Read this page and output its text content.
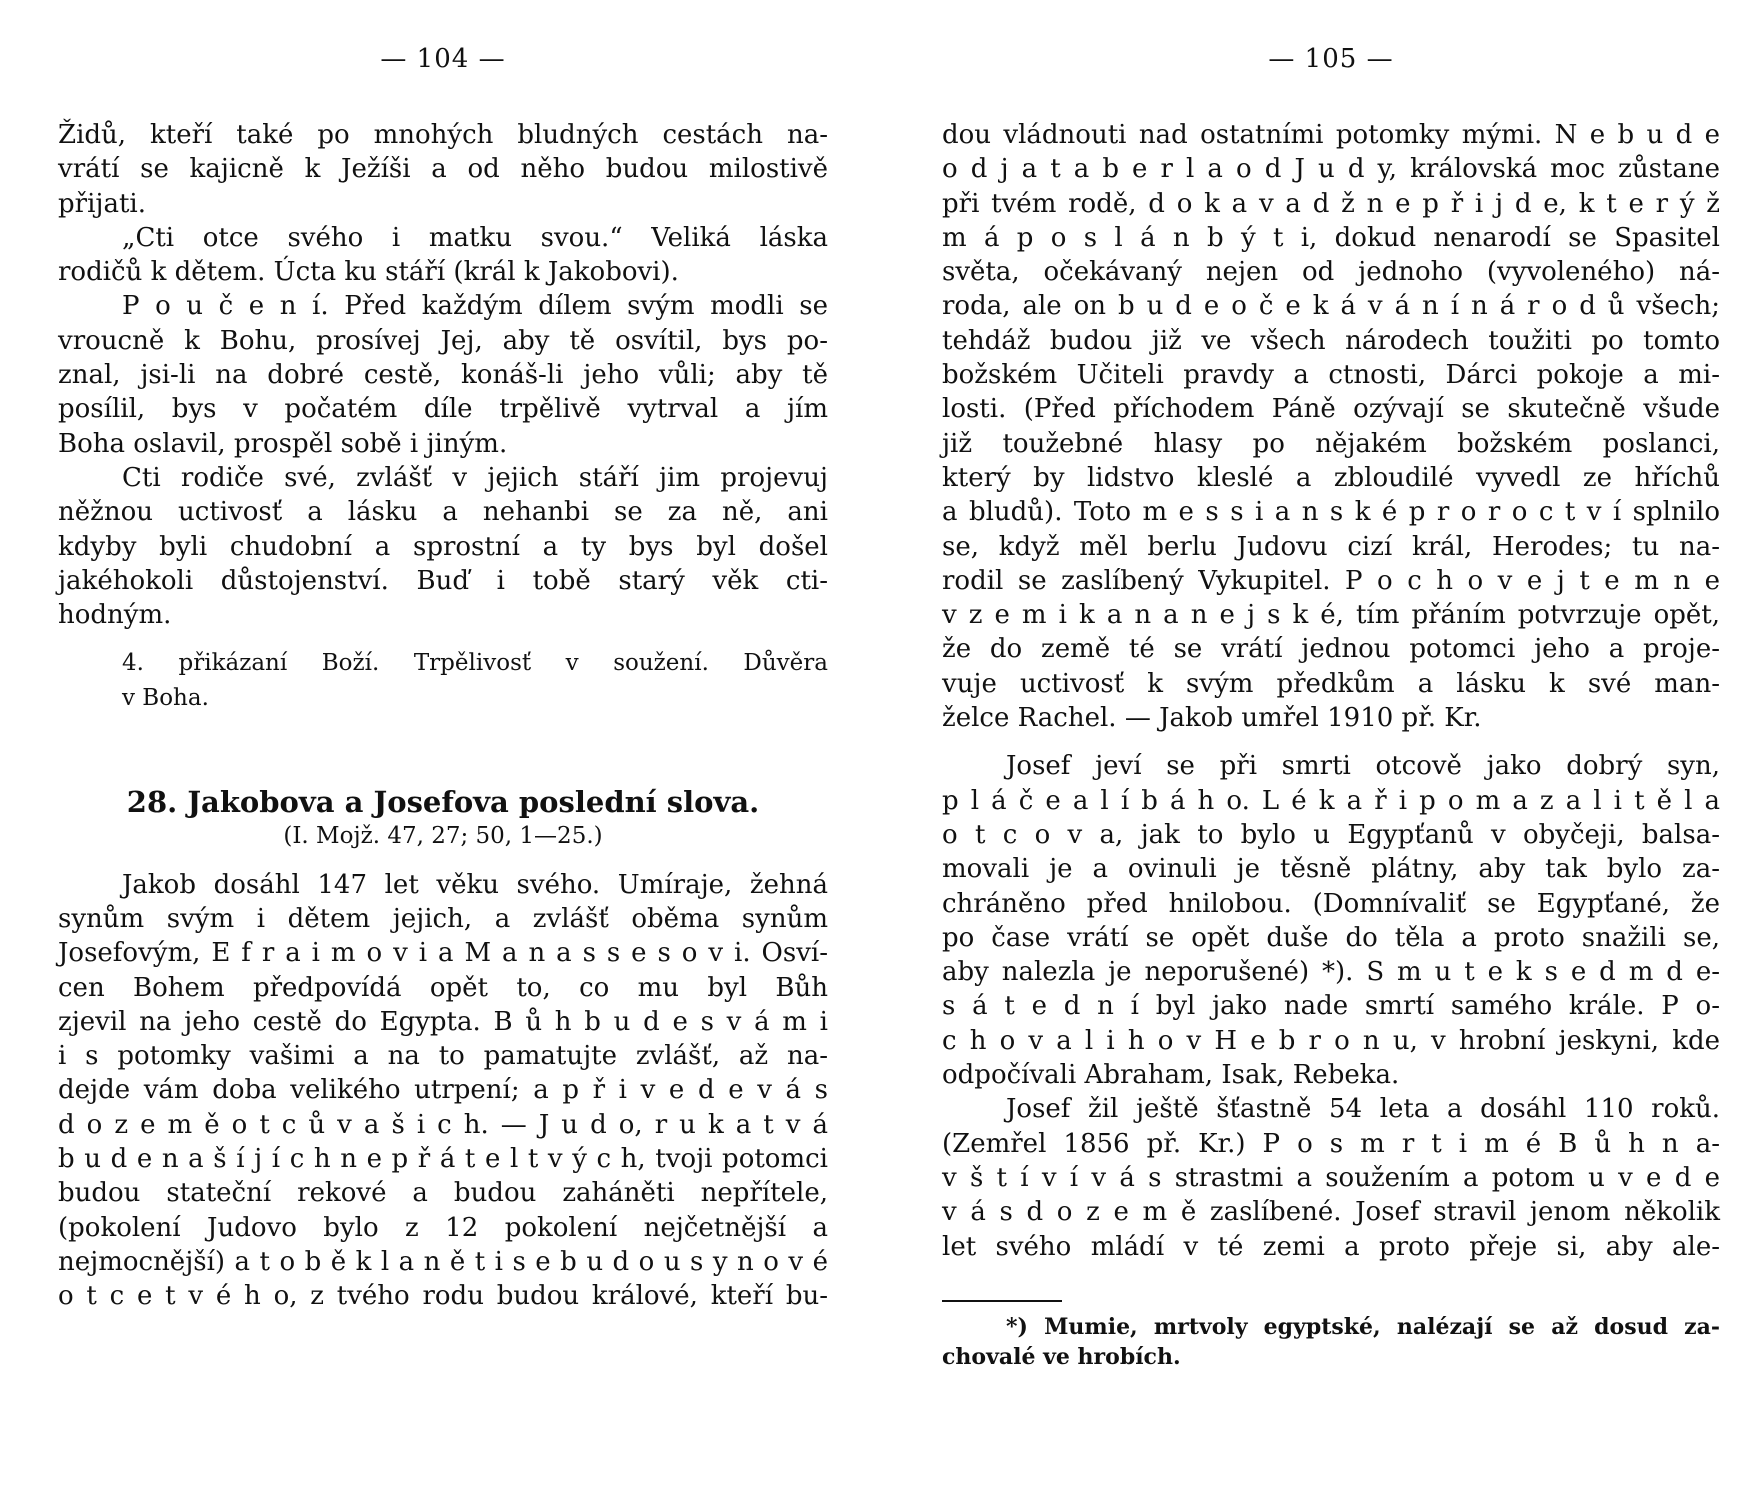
— 104 —
Židů, kteří také po mnohých bludných cestách na-
vrátí se kajicně k Ježíši a od něho budou milostivě
přijati.
„Cti otce svého i matku svou.“ Veliká láska
rodičů k dětem. Úcta ku stáří (král k Jakobovi).
P o u č e n í. Před každým dílem svým modli se
vroucně k Bohu, prosívej Jej, aby tě osvítil, bys po-
znal, jsi-li na dobré cestě, konáš-li jeho vůli; aby tě
posílil, bys v počatém díle trpělivě vytrval a jím
Boha oslavil, prospěl sobě i jiným.
Cti rodiče své, zvlášť v jejich stáří jim projevuj
něžnou uctivosť a lásku a nehanbi se za ně, ani
kdyby byli chudobní a sprostní a ty bys byl došel
jakéhokoli důstojenství. Buď i tobě starý věk cti-
hodným.
4. přikázaní Boží. Trpělivosť v soužení. Důvěra
v Boha.
28. Jakobova a Josefova poslední slova.
(I. Mojž. 47, 27; 50, 1—25.)
Jakob dosáhl 147 let věku svého. Umíraje, žehná
synům svým i dětem jejich, a zvlášť oběma synům
Josefovým, E f r a i m o v i a M a n a s s e s o v i. Osví-
cen Bohem předpovídá opět to, co mu byl Bůh
zjevil na jeho cestě do Egypta. B ů h b u d e s v á m i
i s potomky vašimi a na to pamatujte zvlášť, až na-
dejde vám doba velikého utrpení; a p ř i v e d e v á s
d o z e m ě o t c ů v a š i c h. — J u d o, r u k a t v á
b u d e n a š í j í c h n e p ř á t e l t v ý c h, tvoji potomci
budou stateční rekové a budou zaháněti nepřítele,
(pokolení Judovo bylo z 12 pokolení nejčetnější a
nejmocnější) a t o b ě k l a n ě t i s e b u d o u s y n o v é
o t c e t v é h o, z tvého rodu budou králové, kteří bu-
— 105 —
dou vládnouti nad ostatními potomky mými. N e b u d e
o d j a t a b e r l a o d J u d y, královská moc zůstane
při tvém rodě, d o k a v a d ž n e p ř i j d e, k t e r ý ž
m á p o s l á n b ý t i, dokud nenarodí se Spasitel
světa, očekávaný nejen od jednoho (vyvoleného) ná-
roda, ale on b u d e o č e k á v á n í n á r o d ů všech;
tehdáž budou již ve všech národech toužiti po tomto
božském Učiteli pravdy a ctnosti, Dárci pokoje a mi-
losti. (Před příchodem Páně ozývají se skutečně všude
již toužebné hlasy po nějakém božském poslanci,
který by lidstvo kleslé a zbloudilé vyvedl ze hříchů
a bludů). Toto m e s s i a n s k é p r o r o c t v í splnilo
se, když měl berlu Judovu cizí král, Herodes; tu na-
rodil se zaslíbený Vykupitel. P o c h o v e j t e m n e
v z e m i k a n a n e j s k é, tím přáním potvrzuje opět,
že do země té se vrátí jednou potomci jeho a proje-
vuje uctivosť k svým předkům a lásku k své man-
želce Rachel. — Jakob umřel 1910 př. Kr.
Josef jeví se při smrti otcově jako dobrý syn,
p l á č e a l í b á h o. L é k a ř i p o m a z a l i t ě l a
o t c o v a, jak to bylo u Egypťanů v obyčeji, balsa-
movali je a ovinuli je těsně plátny, aby tak bylo za-
chráněno před hnilobou. (Domnívaliť se Egypťané, že
po čase vrátí se opět duše do těla a proto snažili se,
aby nalezla je neporušené) *). S m u t e k s e d m d e-
s á t e d n í byl jako nade smrtí samého krále. P o-
c h o v a l i h o v H e b r o n u, v hrobní jeskyni, kde
odpočívali Abraham, Isak, Rebeka.
Josef žil ještě šťastně 54 leta a dosáhl 110 roků.
(Zemřel 1856 př. Kr.) P o s m r t i m é B ů h n a-
v š t í v í v á s strastmi a soužením a potom u v e d e
v á s d o z e m ě zaslíbené. Josef stravil jenom několik
let svého mládí v té zemi a proto přeje si, aby ale-
*) Mumie, mrtvoly egyptské, nalézají se až dosud za-
chovalé ve hrobích.
